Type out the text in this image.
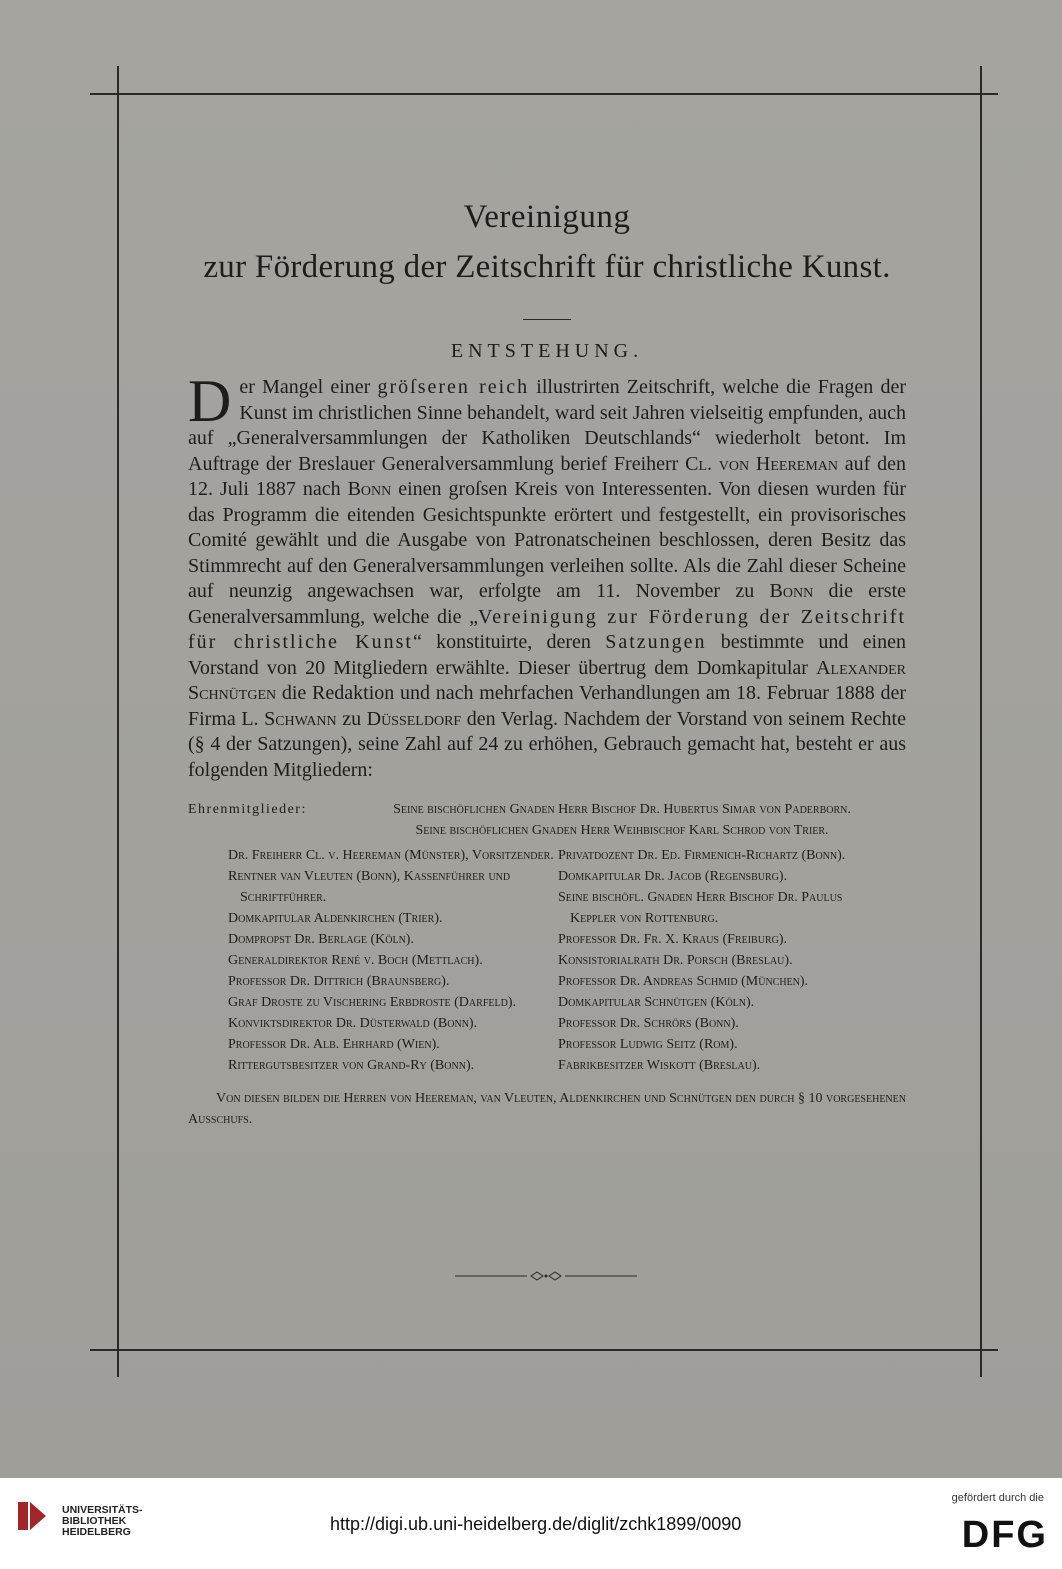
Vereinigung

zur Förderung der Zeitschrift für christliche Kunst.

ENTSTEHUNG.

D er Mangel einer gröſseren reich illustrirten Zeitschrift, welche die Fragen der Kunst im christlichen Sinne behandelt, ward seit Jahren vielseitig empfunden, auch auf „Generalversammlungen der Katholiken Deutschlands“ wiederholt betont. Im Auftrage der Breslauer Generalversammlung berief Freiherr Cl. von Heereman auf den 12. Juli 1887 nach Bonn einen groſsen Kreis von Interessenten. Von diesen wurden für das Programm die eitenden Gesichtspunkte erörtert und festgestellt, ein provisorisches Comité gewählt und die Ausgabe von Patronatscheinen beschlossen, deren Besitz das Stimmrecht auf den Generalversammlungen verleihen sollte. Als die Zahl dieser Scheine auf neunzig angewachsen war, erfolgte am 11. November zu Bonn die erste Generalversammlung, welche die „Vereinigung zur Förderung der Zeitschrift für christliche Kunst“ konstituirte, deren Satzungen bestimmte und einen Vorstand von 20 Mitgliedern erwählte. Dieser übertrug dem Domkapitular Alexander Schnütgen die Redaktion und nach mehrfachen Verhandlungen am 18. Februar 1888 der Firma L. Schwann zu Düsseldorf den Verlag. Nachdem der Vorstand von seinem Rechte (§ 4 der Satzungen), seine Zahl auf 24 zu erhöhen, Gebrauch gemacht hat, besteht er aus folgenden Mitgliedern:

Ehrenmitglieder:	Seine bischöflichen Gnaden Herr Bischof Dr. Hubertus Simar von Paderborn.
Seine bischöflichen Gnaden Herr Weihbischof Karl Schrod von Trier.
Dr. Freiherr Cl. v. Heereman (Münster), Vorsitzender.
Rentner van Vleuten (Bonn), Kassenführer und Schriftführer.
Domkapitular Aldenkirchen (Trier).
Dompropst Dr. Berlage (Köln).
Generaldirektor René v. Boch (Mettlach).
Professor Dr. Dittrich (Braunsberg).
Graf Droste zu Vischering Erbdroste (Darfeld).
Konviktsdirektor Dr. Düsterwald (Bonn).
Professor Dr. Alb. Ehrhard (Wien).
Rittergutsbesitzer von Grand-Ry (Bonn).
Privatdozent Dr. Ed. Firmenich-Richartz (Bonn).
Domkapitular Dr. Jacob (Regensburg).
Seine bischöfl. Gnaden Herr Bischof Dr. Paulus Keppler von Rottenburg.
Professor Dr. Fr. X. Kraus (Freiburg).
Konsistorialrath Dr. Porsch (Breslau).
Professor Dr. Andreas Schmid (München).
Domkapitular Schnütgen (Köln).
Professor Dr. Schrörs (Bonn).
Professor Ludwig Seitz (Rom).
Fabrikbesitzer Wiskott (Breslau).

Von diesen bilden die Herren von Heereman, van Vleuten, Aldenkirchen und Schnütgen den durch § 10 vorgesehenen Ausschufs.

UNIVERSITÄTS-
BIBLIOTHEK
HEIDELBERG	http://digi.ub.uni-heidelberg.de/diglit/zchk1899/0090
gefördert durch die
DFG
